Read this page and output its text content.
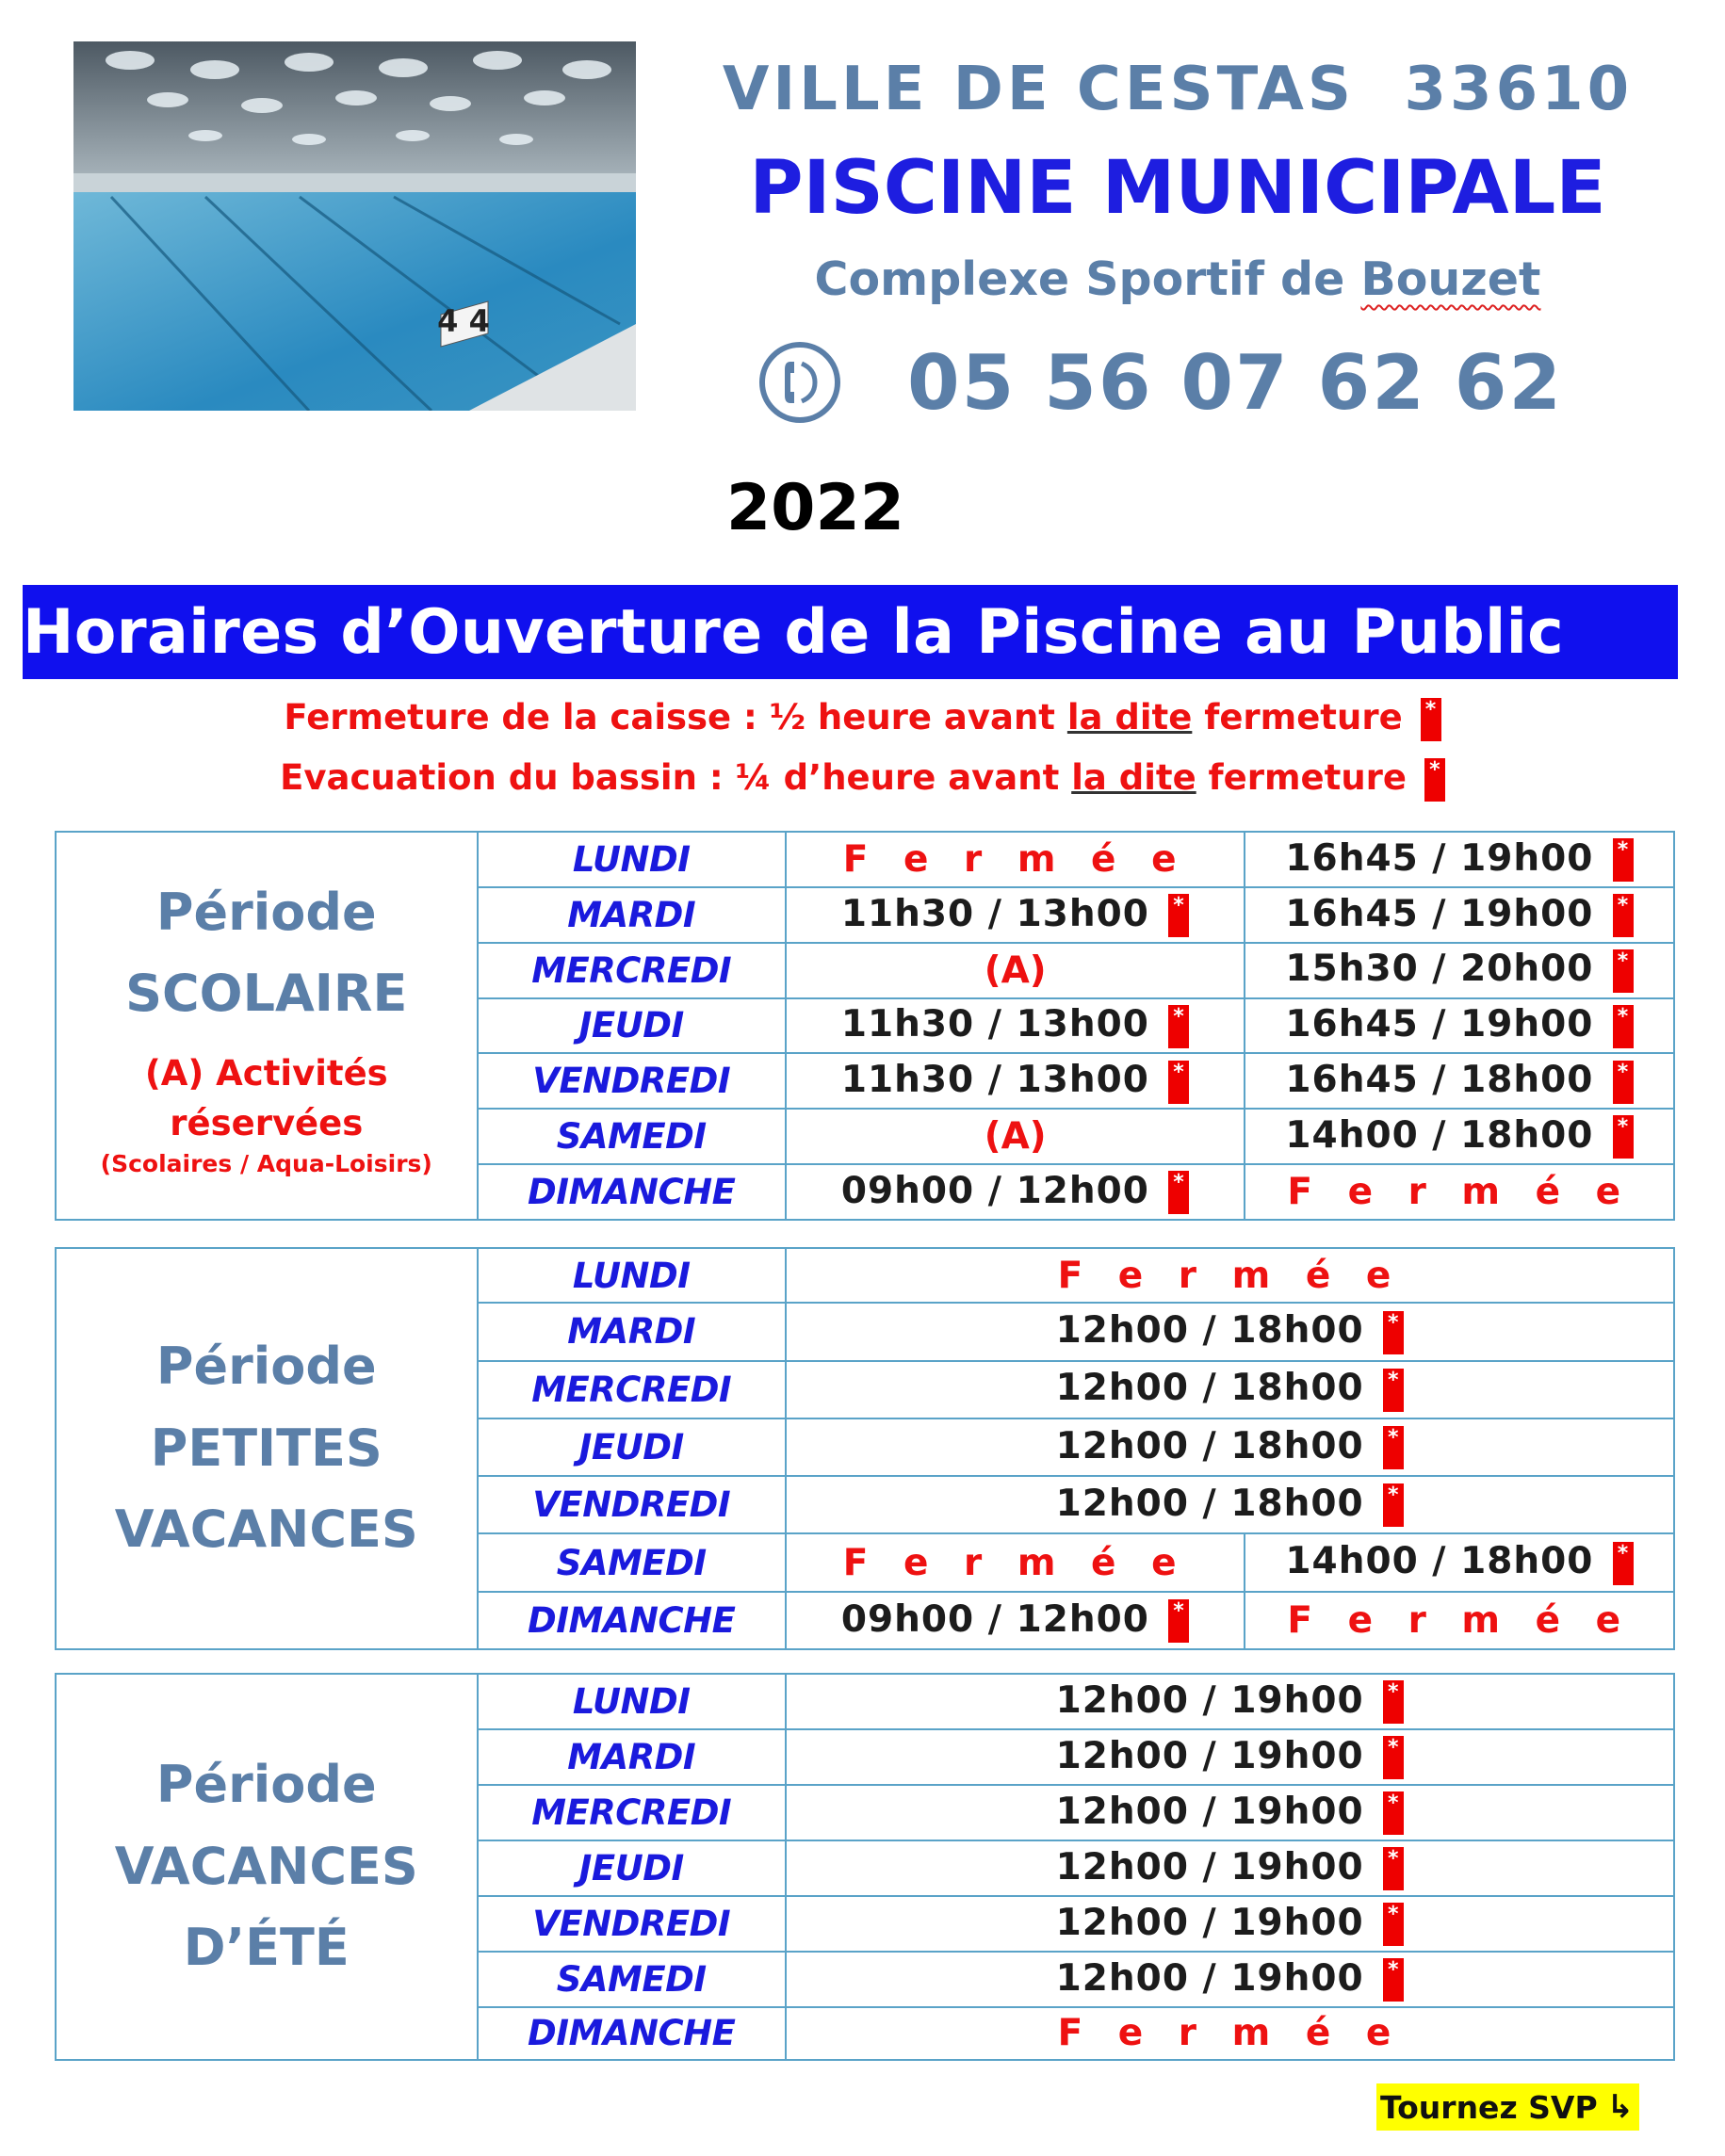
4 4
VILLE DE CESTAS  33610
PISCINE MUNICIPALE
Complexe Sportif de Bouzet
05 56 07 62 62
2022
Horaires d’Ouverture de la Piscine au Public
Fermeture de la caisse : ½ heure avant la dite fermeture *
Evacuation du bassin : ¼ d’heure avant la dite fermeture *
Période
SCOLAIRE
(A) Activités
réservées
(Scolaires / Aqua-Loisirs)	LUNDI	F e r m é e	16h45 / 19h00 *
	MARDI	11h30 / 13h00 *	16h45 / 19h00 *
	MERCREDI	(A)	15h30 / 20h00 *
	JEUDI	11h30 / 13h00 *	16h45 / 19h00 *
	VENDREDI	11h30 / 13h00 *	16h45 / 18h00 *
	SAMEDI	(A)	14h00 / 18h00 *
	DIMANCHE	09h00 / 12h00 *	F e r m é e
Période
PETITES
VACANCES	LUNDI	F e r m é e	
	MARDI	12h00 / 18h00 *	
	MERCREDI	12h00 / 18h00 *	
	JEUDI	12h00 / 18h00 *	
	VENDREDI	12h00 / 18h00 *	
	SAMEDI	F e r m é e	14h00 / 18h00 *
	DIMANCHE	09h00 / 12h00 *	F e r m é e
Période
VACANCES
D’ÉTÉ	LUNDI	12h00 / 19h00 *
	MARDI	12h00 / 19h00 *
	MERCREDI	12h00 / 19h00 *
	JEUDI	12h00 / 19h00 *
	VENDREDI	12h00 / 19h00 *
	SAMEDI	12h00 / 19h00 *
	DIMANCHE	F e r m é e
Tournez SVP ↳
